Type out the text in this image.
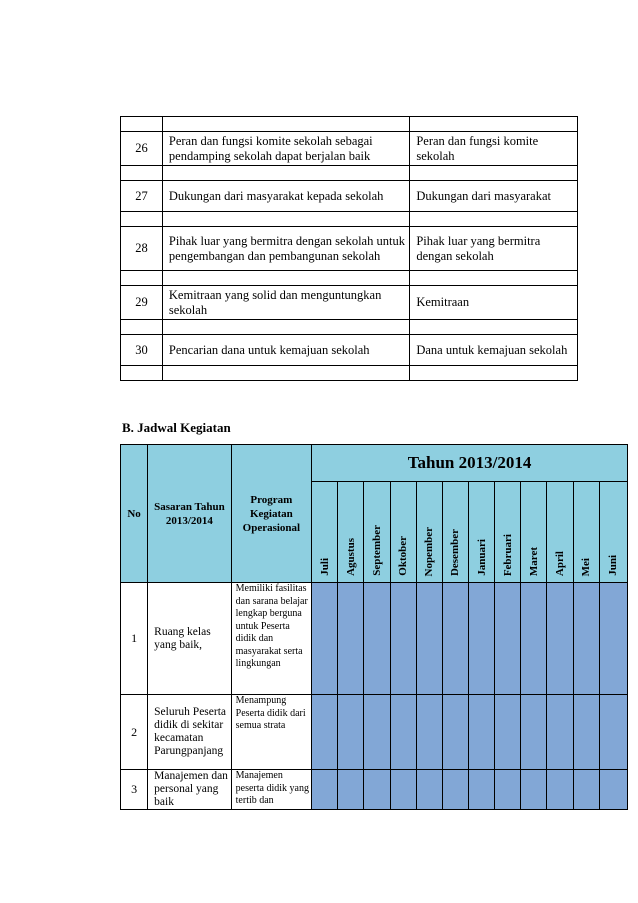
26	Peran dan fungsi komite sekolah sebagai pendamping sekolah dapat berjalan baik	Peran dan fungsi komite sekolah

27	Dukungan dari masyarakat kepada sekolah	Dukungan dari masyarakat

28	Pihak luar yang bermitra dengan sekolah untuk pengembangan dan pembangunan sekolah	Pihak luar yang bermitra dengan sekolah

29	Kemitraan yang solid dan menguntungkan sekolah	Kemitraan

30	Pencarian dana untuk kemajuan sekolah	Dana untuk kemajuan sekolah

B. Jadwal Kegiatan
No	Sasaran Tahun 2013/2014	Program Kegiatan Operasional	Tahun 2013/2014											

			Juli	Agustus	September	Oktober	Nopember	Desember	Januari	Februari	Maret	April	Mei	Juni

1	Ruang kelas yang baik,	Memiliki fasilitas dan sarana belajar lengkap berguna untuk Peserta didik dan masyarakat serta lingkungan												
2	Seluruh Peserta didik di sekitar kecamatan Parungpanjang	Menampung Peserta didik dari semua strata												
3	Manajemen dan personal yang baik	Manajemen peserta didik yang tertib dan												
